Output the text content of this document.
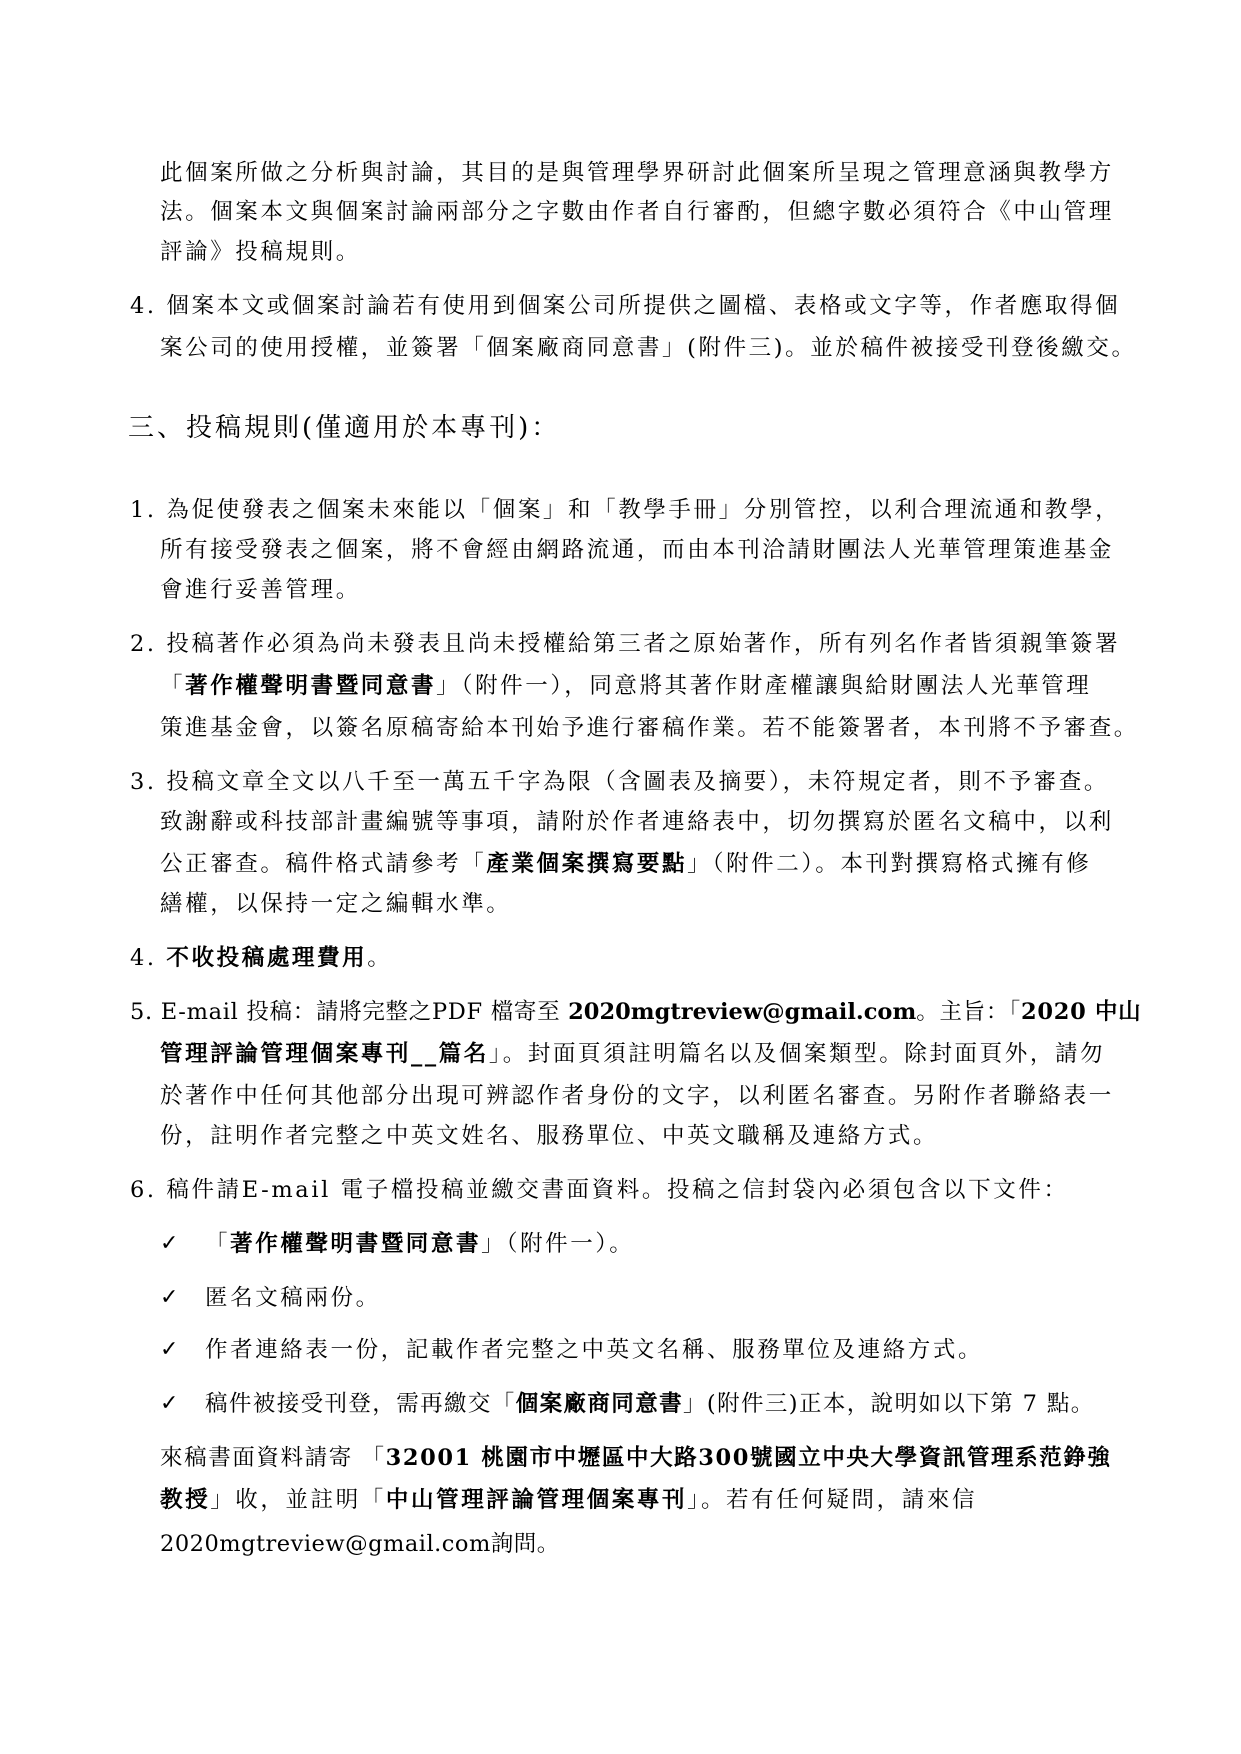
此個案所做之分析與討論，其目的是與管理學界研討此個案所呈現之管理意涵與教學方
法。個案本文與個案討論兩部分之字數由作者自行審酌，但總字數必須符合《中山管理
評論》投稿規則。
4. 個案本文或個案討論若有使用到個案公司所提供之圖檔、表格或文字等，作者應取得個
案公司的使用授權，並簽署「個案廠商同意書」(附件三)。並於稿件被接受刊登後繳交。
三、投稿規則(僅適用於本專刊)：
1. 為促使發表之個案未來能以「個案」和「教學手冊」分別管控，以利合理流通和教學，
所有接受發表之個案，將不會經由網路流通，而由本刊洽請財團法人光華管理策進基金
會進行妥善管理。
2. 投稿著作必須為尚未發表且尚未授權給第三者之原始著作，所有列名作者皆須親筆簽署
「著作權聲明書暨同意書」（附件一），同意將其著作財產權讓與給財團法人光華管理
策進基金會，以簽名原稿寄給本刊始予進行審稿作業。若不能簽署者，本刊將不予審查。
3. 投稿文章全文以八千至一萬五千字為限（含圖表及摘要），未符規定者，則不予審查。
致謝辭或科技部計畫編號等事項，請附於作者連絡表中，切勿撰寫於匿名文稿中，以利
公正審查。稿件格式請參考「產業個案撰寫要點」（附件二）。本刊對撰寫格式擁有修
繕權，以保持一定之編輯水準。
4. 不收投稿處理費用。
5. E-mail 投稿：請將完整之PDF 檔寄至 2020mgtreview@gmail.com。主旨：「2020 中山
管理評論管理個案專刊__篇名」。封面頁須註明篇名以及個案類型。除封面頁外，請勿
於著作中任何其他部分出現可辨認作者身份的文字，以利匿名審查。另附作者聯絡表一
份，註明作者完整之中英文姓名、服務單位、中英文職稱及連絡方式。
6. 稿件請E-mail 電子檔投稿並繳交書面資料。投稿之信封袋內必須包含以下文件：
✓ 「著作權聲明書暨同意書」（附件一）。
✓ 匿名文稿兩份。
✓ 作者連絡表一份，記載作者完整之中英文名稱、服務單位及連絡方式。
✓ 稿件被接受刊登，需再繳交「個案廠商同意書」(附件三)正本，說明如以下第 7 點。
來稿書面資料請寄 「32001 桃園市中壢區中大路300號國立中央大學資訊管理系范錚強
教授」收，並註明「中山管理評論管理個案專刊」。若有任何疑問，請來信
2020mgtreview@gmail.com詢問。
